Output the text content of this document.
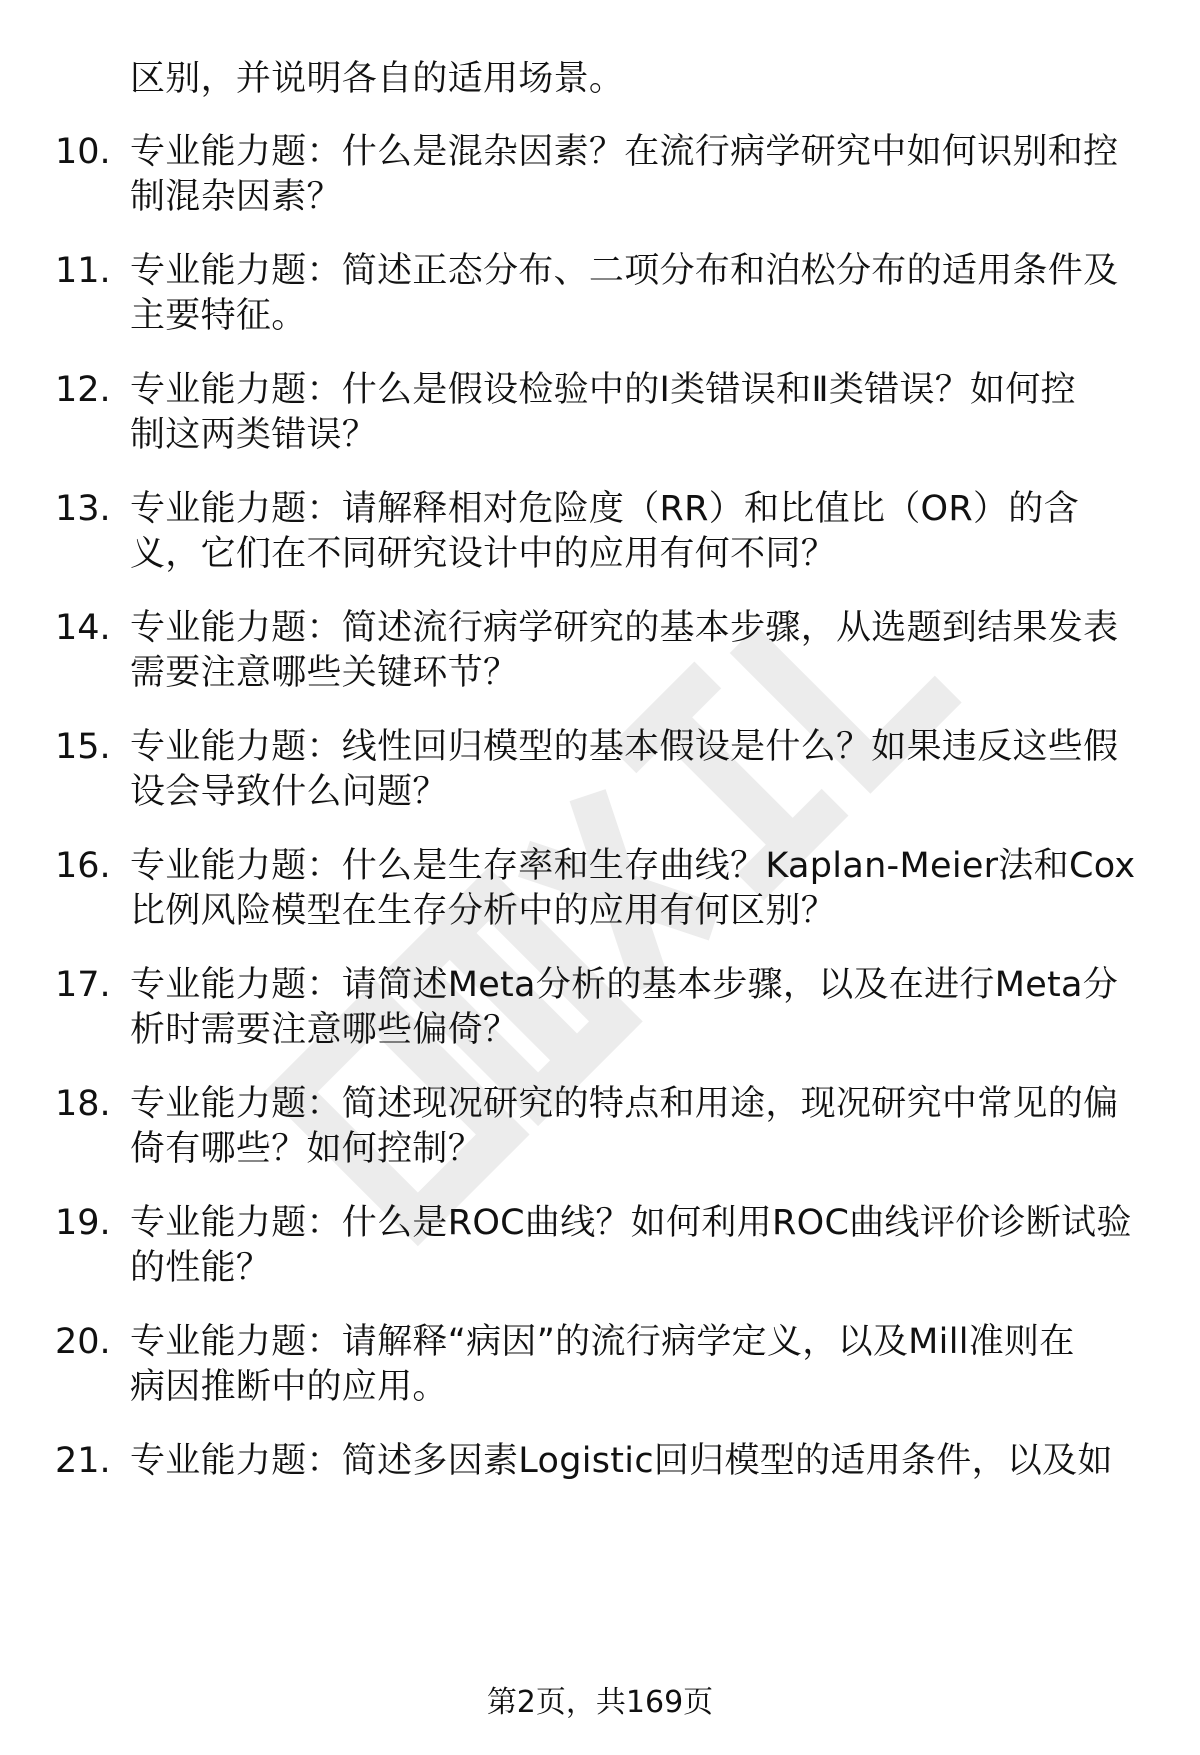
区别，并说明各自的适用场景。
10. 专业能力题：什么是混杂因素？在流行病学研究中如何识别和控
制混杂因素？
11. 专业能力题：简述正态分布、二项分布和泊松分布的适用条件及
主要特征。
12. 专业能力题：什么是假设检验中的Ⅰ类错误和Ⅱ类错误？如何控
制这两类错误？
13. 专业能力题：请解释相对危险度（RR）和比值比（OR）的含
义，它们在不同研究设计中的应用有何不同？
14. 专业能力题：简述流行病学研究的基本步骤，从选题到结果发表
需要注意哪些关键环节？
15. 专业能力题：线性回归模型的基本假设是什么？如果违反这些假
设会导致什么问题？
16. 专业能力题：什么是生存率和生存曲线？Kaplan-Meier法和Cox
比例风险模型在生存分析中的应用有何区别？
17. 专业能力题：请简述Meta分析的基本步骤，以及在进行Meta分
析时需要注意哪些偏倚？
18. 专业能力题：简述现况研究的特点和用途，现况研究中常见的偏
倚有哪些？如何控制？
19. 专业能力题：什么是ROC曲线？如何利用ROC曲线评价诊断试验
的性能？
20. 专业能力题：请解释“病因”的流行病学定义，以及Mill准则在
病因推断中的应用。
21. 专业能力题：简述多因素Logistic回归模型的适用条件，以及如
第2页，共169页
